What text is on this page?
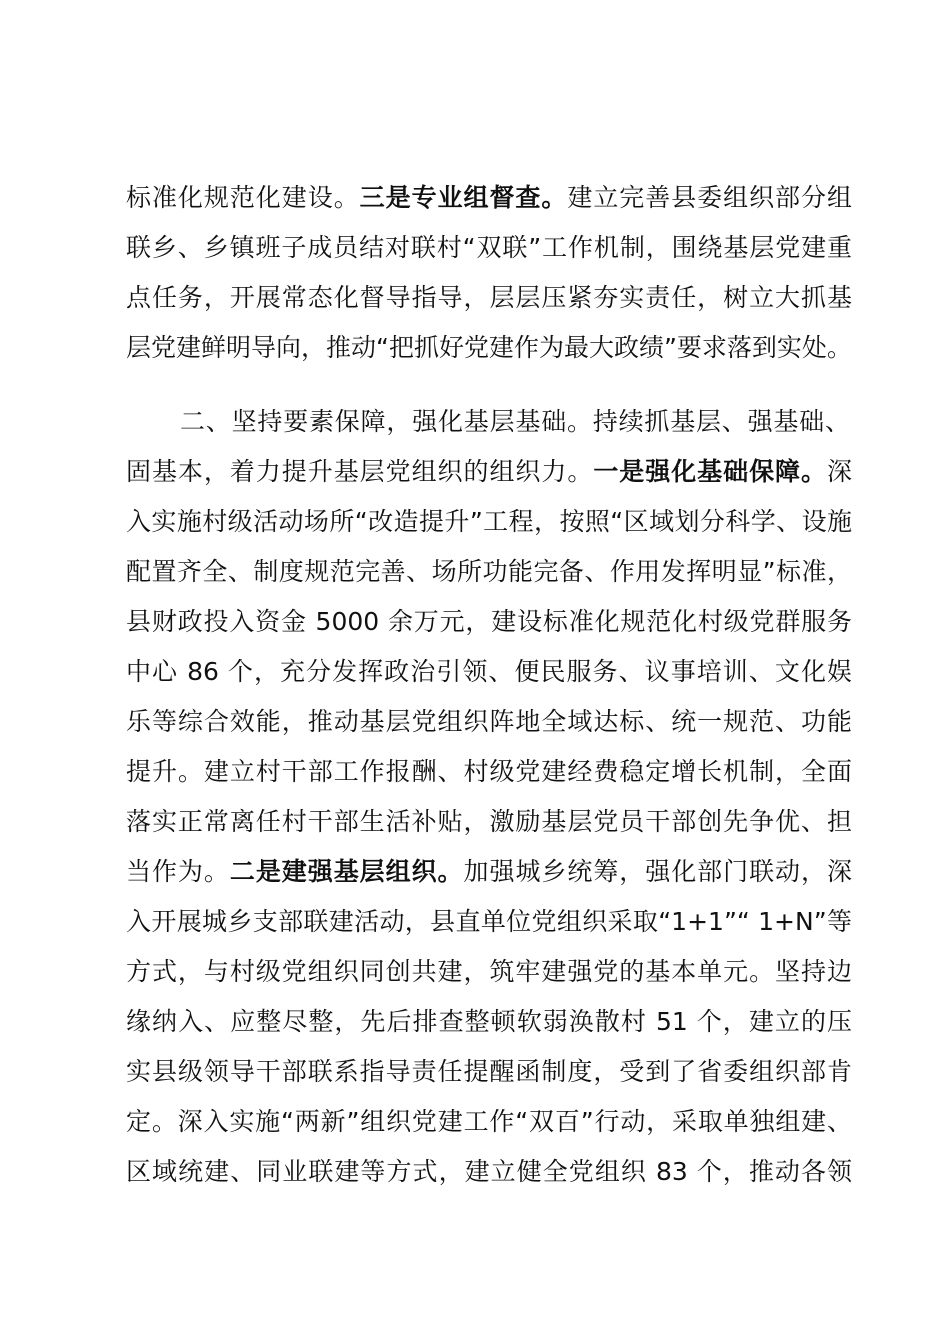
标准化规范化建设。三是专业组督查。建立完善县委组织部分组
联乡、乡镇班子成员结对联村“双联”工作机制，围绕基层党建重
点任务，开展常态化督导指导，层层压紧夯实责任，树立大抓基
层党建鲜明导向，推动“把抓好党建作为最大政绩”要求落到实处。
二、坚持要素保障，强化基层基础。持续抓基层、强基础、
固基本，着力提升基层党组织的组织力。一是强化基础保障。深
入实施村级活动场所“改造提升”工程，按照“区域划分科学、设施
配置齐全、制度规范完善、场所功能完备、作用发挥明显”标准，
县财政投入资金 5000 余万元，建设标准化规范化村级党群服务
中心 86 个，充分发挥政治引领、便民服务、议事培训、文化娱
乐等综合效能，推动基层党组织阵地全域达标、统一规范、功能
提升。建立村干部工作报酬、村级党建经费稳定增长机制，全面
落实正常离任村干部生活补贴，激励基层党员干部创先争优、担
当作为。二是建强基层组织。加强城乡统筹，强化部门联动，深
入开展城乡支部联建活动，县直单位党组织采取“1+1”“ 1+N”等
方式，与村级党组织同创共建，筑牢建强党的基本单元。坚持边
缘纳入、应整尽整，先后排查整顿软弱涣散村 51 个，建立的压
实县级领导干部联系指导责任提醒函制度，受到了省委组织部肯
定。深入实施“两新”组织党建工作“双百”行动，采取单独组建、
区域统建、同业联建等方式，建立健全党组织 83 个，推动各领
